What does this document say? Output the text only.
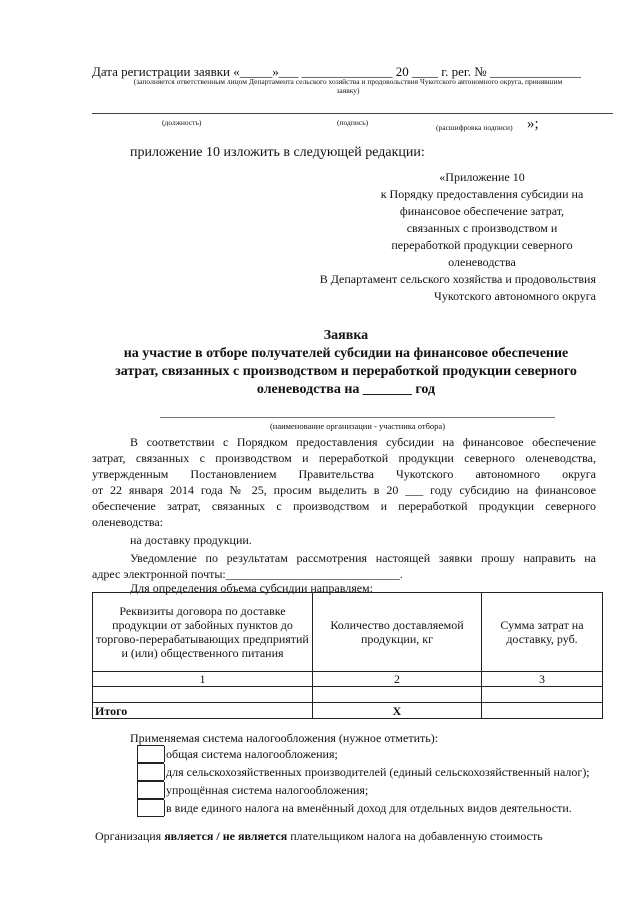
Дата регистрации заявки «_____»___ ______________ 20 ____ г. рег. № ______________
(заполняется ответственным лицом Департамента сельского хозяйства и продовольствия Чукотского автономного округа, принявшим
заявку)
(должность)	(подпись)
(расшифровка подписи) »;
приложение 10 изложить в следующей редакции:
«Приложение 10
к Порядку предоставления субсидии на
финансовое обеспечение затрат,
связанных с производством и
переработкой продукции северного
оленеводства
В Департамент сельского хозяйства и продовольствия
Чукотского автономного округа
Заявка
на участие в отборе получателей субсидии на финансовое обеспечение
затрат, связанных с производством и переработкой продукции северного
оленеводства на _______ год
(наименование организации - участника отбора)
В соответствии с Порядком предоставления субсидии на финансовое обеспечение
затрат, связанных с производством и переработкой продукции северного оленеводства,
утвержденным Постановлением Правительства Чукотского автономного округа
от 22 января 2014 года № 25, просим выделить в 20 ___ году субсидию на финансовое
обеспечение затрат, связанных с производством и переработкой продукции северного
оленеводства:
на доставку продукции.
Уведомление по результатам рассмотрения настоящей заявки прошу направить на
адрес электронной почты:_____________________________.
Для определения объема субсидии направляем:
Реквизиты договора по доставке продукции от забойных пунктов до торгово-перерабатывающих предприятий и (или) общественного питания	Количество доставляемой продукции, кг	Сумма затрат на доставку, руб.
1	2	3

Итого	X	
Применяемая система налогообложения (нужное отметить):
общая система налогообложения;
для сельскохозяйственных производителей (единый сельскохозяйственный налог);
упрощённая система налогообложения;
в виде единого налога на вменённый доход для отдельных видов деятельности.
Организация является / не является плательщиком налога на добавленную стоимость
